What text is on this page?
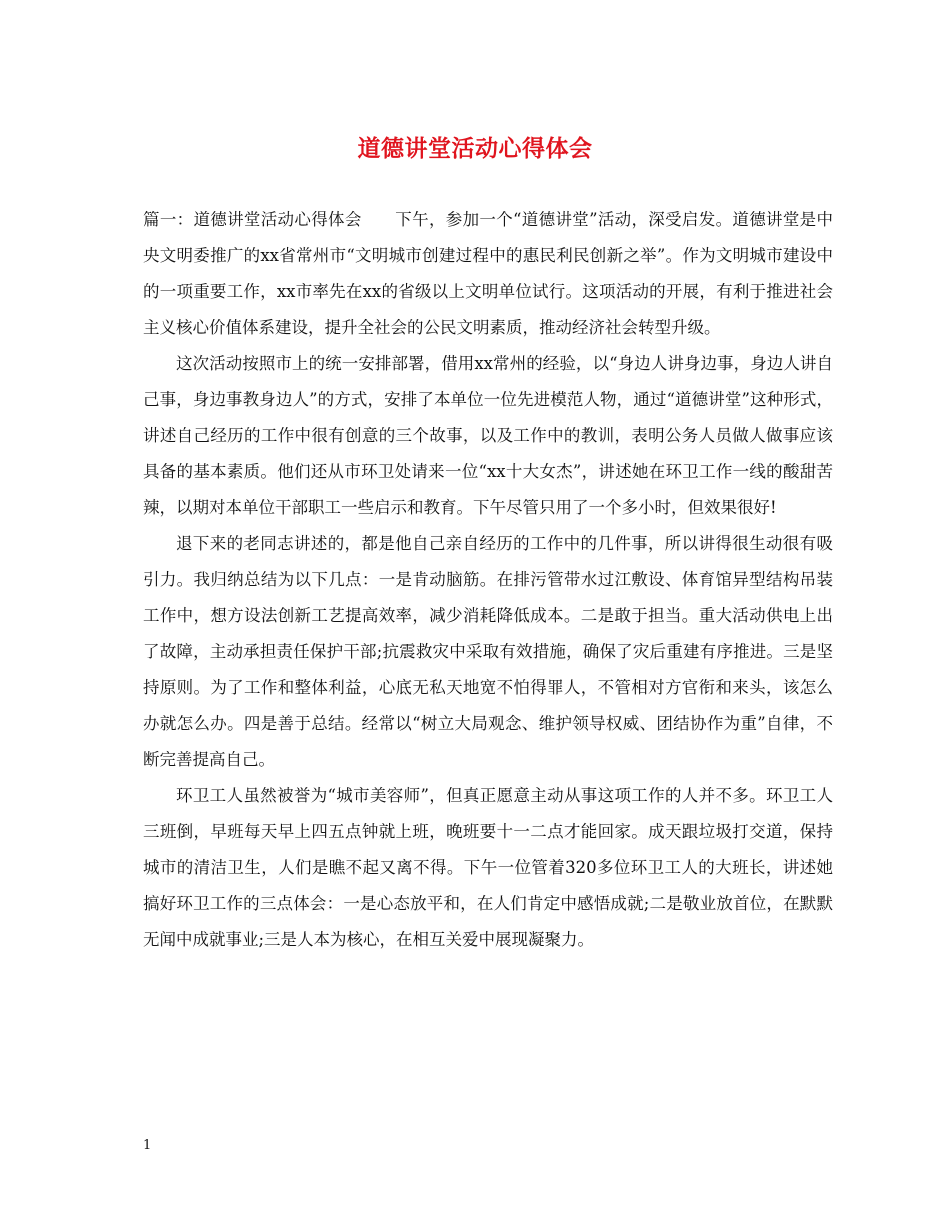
道德讲堂活动心得体会

篇一：道德讲堂活动心得体会　　下午，参加一个“道德讲堂”活动，深受启发。道德讲堂是中央文明委推广的xx省常州市“文明城市创建过程中的惠民利民创新之举”。作为文明城市建设中的一项重要工作，xx市率先在xx的省级以上文明单位试行。这项活动的开展，有利于推进社会主义核心价值体系建设，提升全社会的公民文明素质，推动经济社会转型升级。

这次活动按照市上的统一安排部署，借用xx常州的经验，以“身边人讲身边事，身边人讲自己事，身边事教身边人”的方式，安排了本单位一位先进模范人物，通过“道德讲堂”这种形式，讲述自己经历的工作中很有创意的三个故事，以及工作中的教训，表明公务人员做人做事应该具备的基本素质。他们还从市环卫处请来一位“xx十大女杰”，讲述她在环卫工作一线的酸甜苦辣，以期对本单位干部职工一些启示和教育。下午尽管只用了一个多小时，但效果很好!

退下来的老同志讲述的，都是他自己亲自经历的工作中的几件事，所以讲得很生动很有吸引力。我归纳总结为以下几点：一是肯动脑筋。在排污管带水过江敷设、体育馆异型结构吊装工作中，想方设法创新工艺提高效率，减少消耗降低成本。二是敢于担当。重大活动供电上出了故障，主动承担责任保护干部;抗震救灾中采取有效措施，确保了灾后重建有序推进。三是坚持原则。为了工作和整体利益，心底无私天地宽不怕得罪人，不管相对方官衔和来头，该怎么办就怎么办。四是善于总结。经常以“树立大局观念、维护领导权威、团结协作为重”自律，不断完善提高自己。

环卫工人虽然被誉为“城市美容师”，但真正愿意主动从事这项工作的人并不多。环卫工人三班倒，早班每天早上四五点钟就上班，晚班要十一二点才能回家。成天跟垃圾打交道，保持城市的清洁卫生，人们是瞧不起又离不得。下午一位管着320多位环卫工人的大班长，讲述她搞好环卫工作的三点体会：一是心态放平和，在人们肯定中感悟成就;二是敬业放首位，在默默无闻中成就事业;三是人本为核心，在相互关爱中展现凝聚力。

1
